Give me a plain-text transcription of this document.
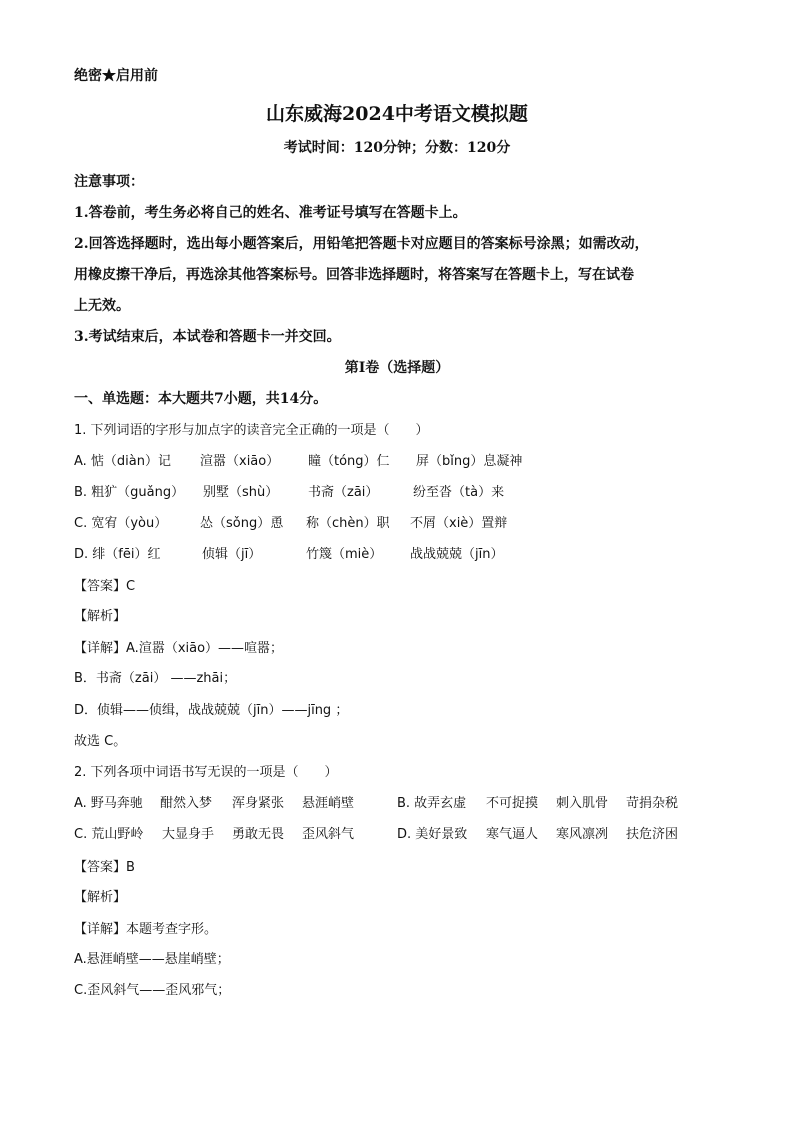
绝密★启用前
山东威海2024中考语文模拟题
考试时间：120分钟；分数：120分
注意事项：
1.答卷前，考生务必将自己的姓名、准考证号填写在答题卡上。
2.回答选择题时，选出每小题答案后，用铅笔把答题卡对应题目的答案标号涂黑；如需改动，
用橡皮擦干净后，再选涂其他答案标号。回答非选择题时，将答案写在答题卡上，写在试卷
上无效。
3.考试结束后，本试卷和答题卡一并交回。
第Ⅰ卷（选择题）
一、单选题：本大题共7小题，共14分。
1. 下列词语的字形与加点字的读音完全正确的一项是（　　）
A. 惦（diàn）记 渲嚣（xiāo） 瞳（tóng）仁 屏（bǐng）息凝神
B. 粗犷（guǎng） 别墅（shù） 书斋（zāi）	纷至沓（tà）来
C. 宽宥（yòu）	怂（sǒng）恿 称（chèn）职 不屑（xiè）置辩
D. 绯（fēi）红	侦辑（jī）	竹篾（miè） 战战兢兢（jīn）
【答案】C
【解析】
【详解】A.渲嚣（xiāo）——喧嚣；
B．书斋（zāi） ——zhāi；
D．侦辑——侦缉，战战兢兢（jīn）——jīng ；
故选 C。
2. 下列各项中词语书写无误的一项是（　　）
A. 野马奔驰 酣然入梦 浑身紧张 悬涯峭壁	B. 故弄玄虚 不可捉摸 刺入肌骨 苛捐杂税
C. 荒山野岭 大显身手 勇敢无畏 歪风斜气	D. 美好景致 寒气逼人 寒风凛冽 扶危济困
【答案】B
【解析】
【详解】本题考查字形。
A.悬涯峭壁——悬崖峭壁；
C.歪风斜气——歪风邪气；
